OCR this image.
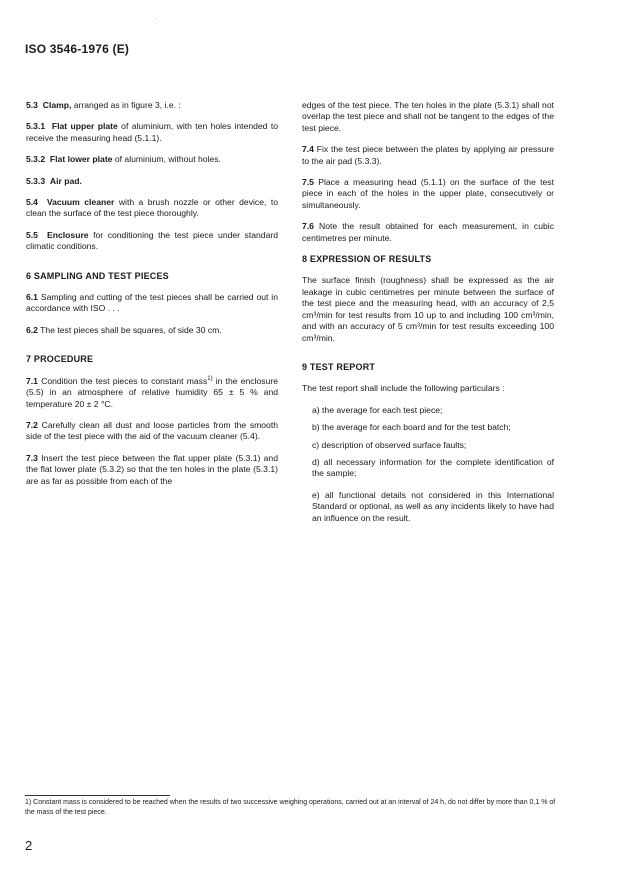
ISO 3546-1976 (E)
5.3 Clamp, arranged as in figure 3, i.e. :
5.3.1 Flat upper plate of aluminium, with ten holes intended to receive the measuring head (5.1.1).
5.3.2 Flat lower plate of aluminium, without holes.
5.3.3 Air pad.
5.4 Vacuum cleaner with a brush nozzle or other device, to clean the surface of the test piece thoroughly.
5.5 Enclosure for conditioning the test piece under standard climatic conditions.
6 SAMPLING AND TEST PIECES
6.1 Sampling and cutting of the test pieces shall be carried out in accordance with ISO . . .
6.2 The test pieces shall be squares, of side 30 cm.
7 PROCEDURE
7.1 Condition the test pieces to constant mass$^{1)}$ in the enclosure (5.5) in an atmosphere of relative humidity 65 ± 5 % and temperature 20 ± 2 °C.
7.2 Carefully clean all dust and loose particles from the smooth side of the test piece with the aid of the vacuum cleaner (5.4).
7.3 Insert the test piece between the flat upper plate (5.3.1) and the flat lower plate (5.3.2) so that the ten holes in the plate (5.3.1) are as far as possible from each of the
edges of the test piece. The ten holes in the plate (5.3.1) shall not overlap the test piece and shall not be tangent to the edges of the test piece.
7.4 Fix the test piece between the plates by applying air pressure to the air pad (5.3.3).
7.5 Place a measuring head (5.1.1) on the surface of the test piece in each of the holes in the upper plate, consecutively or simultaneously.
7.6 Note the result obtained for each measurement, in cubic centimetres per minute.
8 EXPRESSION OF RESULTS
The surface finish (roughness) shall be expressed as the air leakage in cubic centimetres per minute between the surface of the test piece and the measuring head, with an accuracy of 2,5 cm³/min for test results from 10 up to and including 100 cm³/min, and with an accuracy of 5 cm³/min for test results exceeding 100 cm³/min.
9 TEST REPORT
The test report shall include the following particulars :
a) the average for each test piece;
b) the average for each board and for the test batch;
c) description of observed surface faults;
d) all necessary information for the complete identification of the sample;
e) all functional details not considered in this International Standard or optional, as well as any incidents likely to have had an influence on the result.
1) Constant mass is considered to be reached when the results of two successive weighing operations, carried out at an interval of 24 h, do not differ by more than 0,1 % of the mass of the test piece.
2
